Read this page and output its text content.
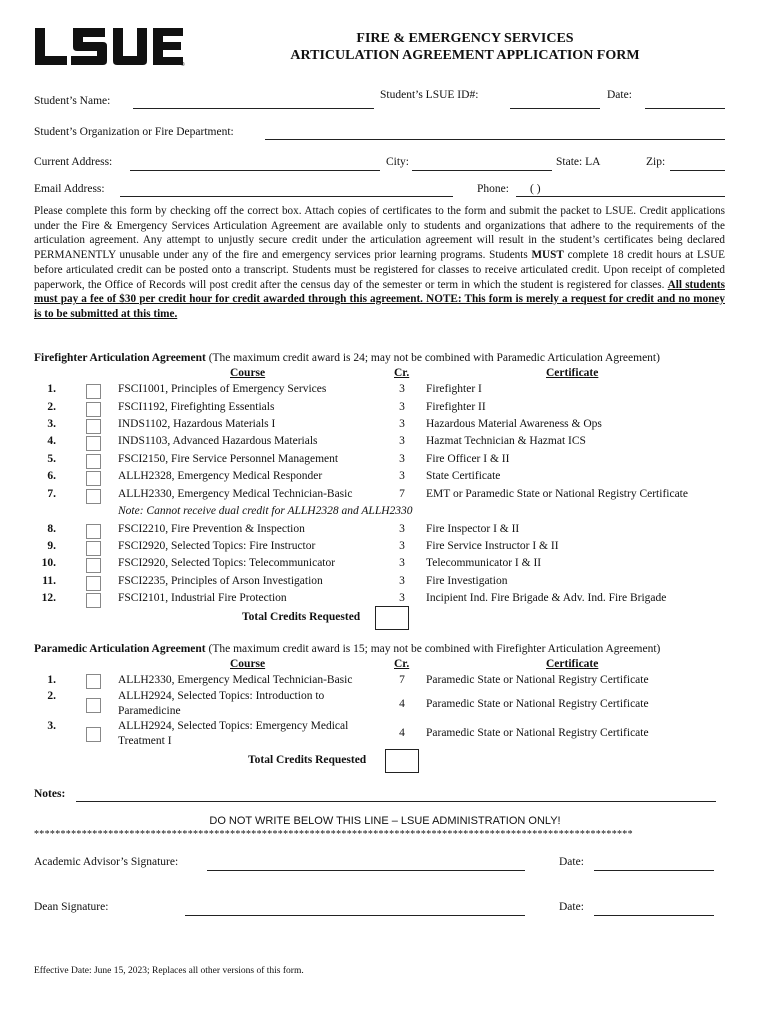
®
FIRE & EMERGENCY SERVICES
ARTICULATION AGREEMENT APPLICATION FORM
Student’s Name:	Student’s LSUE ID#:	Date:
Student’s Organization or Fire Department:
Current Address:	City:	State: LA	Zip:
Email Address:	Phone: ( )
Please complete this form by checking off the correct box. Attach copies of certificates to the form and submit the packet to LSUE. Credit applications under the Fire & Emergency Services Articulation Agreement are available only to students and organizations that adhere to the requirements of the articulation agreement. Any attempt to unjustly secure credit under the articulation agreement will result in the student’s certificates being declared PERMANENTLY unusable under any of the fire and emergency services prior learning programs. Students MUST complete 18 credit hours at LSUE before articulated credit can be posted onto a transcript. Students must be registered for classes to receive articulated credit. Upon receipt of completed paperwork, the Office of Records will post credit after the census day of the semester or term in which the student is registered for classes. All students must pay a fee of $30 per credit hour for credit awarded through this agreement. NOTE: This form is merely a request for credit and no money is to be submitted at this time.
Firefighter Articulation Agreement (The maximum credit award is 24; may not be combined with Paramedic Articulation Agreement)
Course	Cr.	Certificate
1.	FSCI1001, Principles of Emergency Services	3	Firefighter I
2.	FSCI1192, Firefighting Essentials	3	Firefighter II
3.	INDS1102, Hazardous Materials I	3	Hazardous Material Awareness & Ops
4.	INDS1103, Advanced Hazardous Materials	3	Hazmat Technician & Hazmat ICS
5.	FSCI2150, Fire Service Personnel Management	3	Fire Officer I & II
6.	ALLH2328, Emergency Medical Responder	3	State Certificate
7.	ALLH2330, Emergency Medical Technician-Basic	7	EMT or Paramedic State or National Registry Certificate
8.	FSCI2210, Fire Prevention & Inspection	3	Fire Inspector I & II
9.	FSCI2920, Selected Topics: Fire Instructor	3	Fire Service Instructor I & II
10.	FSCI2920, Selected Topics: Telecommunicator	3	Telecommunicator I & II
11.	FSCI2235, Principles of Arson Investigation	3	Fire Investigation
12.	FSCI2101, Industrial Fire Protection	3	Incipient Ind. Fire Brigade & Adv. Ind. Fire Brigade
Note: Cannot receive dual credit for ALLH2328 and ALLH2330
Total Credits Requested
Paramedic Articulation Agreement (The maximum credit award is 15; may not be combined with Firefighter Articulation Agreement)
Course	Cr.	Certificate
1.	ALLH2330, Emergency Medical Technician-Basic	7	Paramedic State or National Registry Certificate
2.	ALLH2924, Selected Topics: Introduction to
Paramedicine
4	Paramedic State or National Registry Certificate
3.	ALLH2924, Selected Topics: Emergency Medical
Treatment I
4	Paramedic State or National Registry Certificate
Total Credits Requested
Notes:
DO NOT WRITE BELOW THIS LINE – LSUE ADMINISTRATION ONLY!
*****************************************************************************************************************
Academic Advisor’s Signature:	Date:
Dean Signature:	Date:
Effective Date: June 15, 2023; Replaces all other versions of this form.
